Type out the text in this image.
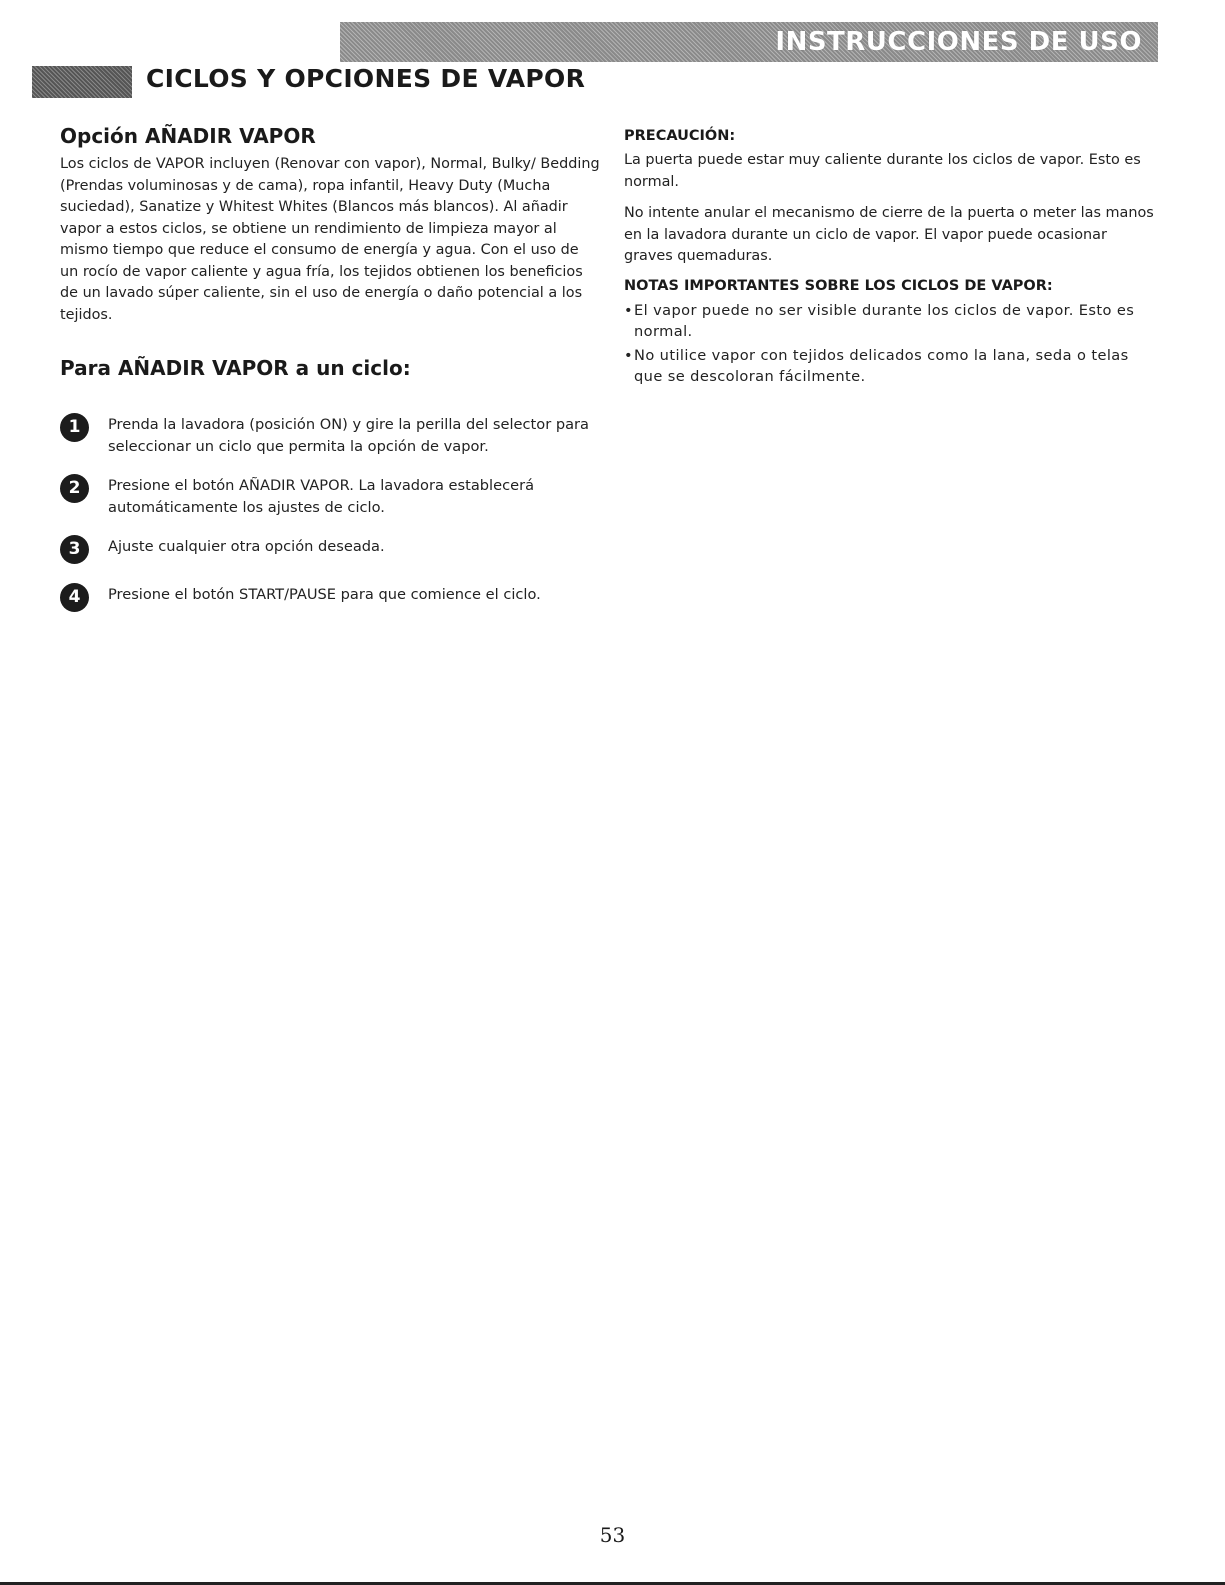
INSTRUCCIONES DE USO
CICLOS Y OPCIONES DE VAPOR
Opción AÑADIR VAPOR

Los ciclos de VAPOR incluyen (Renovar con vapor), Normal, Bulky/ Bedding (Prendas voluminosas y de cama), ropa infantil, Heavy Duty (Mucha suciedad), Sanatize y Whitest Whites (Blancos más blancos). Al añadir vapor a estos ciclos, se obtiene un rendimiento de limpieza mayor al mismo tiempo que reduce el consumo de energía y agua. Con el uso de un rocío de vapor caliente y agua fría, los tejidos obtienen los beneficios de un lavado súper caliente, sin el uso de energía o daño potencial a los tejidos.

Para AÑADIR VAPOR a un ciclo:
1	Prenda la lavadora (posición ON) y gire la perilla del selector para seleccionar un ciclo que permita la opción de vapor.

2	Presione el botón AÑADIR VAPOR. La lavadora establecerá automáticamente los ajustes de ciclo.

3	Ajuste cualquier otra opción deseada.

4	Presione el botón START/PAUSE para que comience el ciclo.

PRECAUCIÓN:

La puerta puede estar muy caliente durante los ciclos de vapor. Esto es normal.

No intente anular el mecanismo de cierre de la puerta o meter las manos en la lavadora durante un ciclo de vapor. El vapor puede ocasionar graves quemaduras.

NOTAS IMPORTANTES SOBRE LOS CICLOS DE VAPOR:

• El vapor puede no ser visible durante los ciclos de vapor. Esto es normal.
• No utilice vapor con tejidos delicados como la lana, seda o telas que se descoloran fácilmente.
53
